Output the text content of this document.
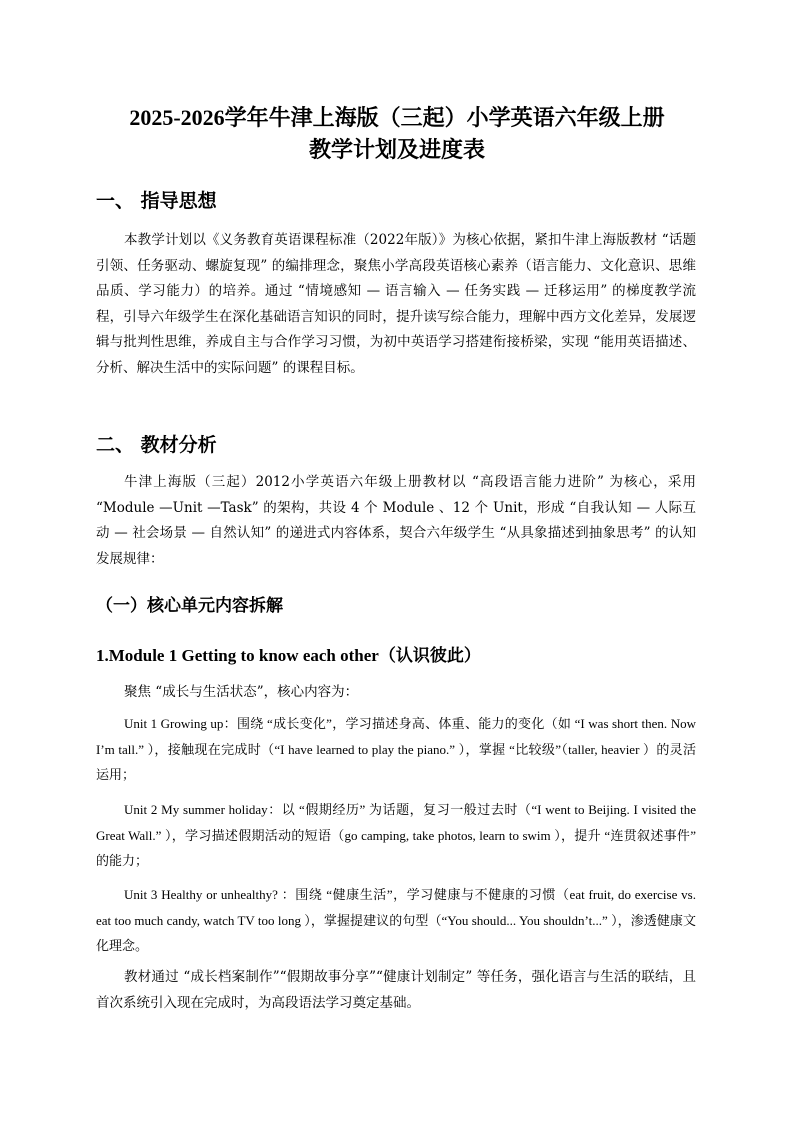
2025-2026学年牛津上海版（三起）小学英语六年级上册
教学计划及进度表
一、 指导思想
本教学计划以《义务教育英语课程标准（2022年版）》为核心依据，紧扣牛津上海版教材 “话题引领、任务驱动、螺旋复现” 的编排理念，聚焦小学高段英语核心素养（语言能力、文化意识、思维品质、学习能力）的培养。通过 “情境感知 — 语言输入 — 任务实践 — 迁移运用” 的梯度教学流程，引导六年级学生在深化基础语言知识的同时，提升读写综合能力，理解中西方文化差异，发展逻辑与批判性思维，养成自主与合作学习习惯，为初中英语学习搭建衔接桥梁，实现 “能用英语描述、分析、解决生活中的实际问题” 的课程目标。
二、 教材分析
牛津上海版（三起）2012小学英语六年级上册教材以 “高段语言能力进阶” 为核心，采用 “Module —Unit —Task” 的架构，共设 4 个 Module 、12 个 Unit，形成 “自我认知 — 人际互动 — 社会场景 — 自然认知” 的递进式内容体系，契合六年级学生 “从具象描述到抽象思考” 的认知发展规律：
（一）核心单元内容拆解
1.Module 1 Getting to know each other（认识彼此）
聚焦 “成长与生活状态”，核心内容为：
Unit 1 Growing up：围绕 “成长变化”，学习描述身高、体重、能力的变化（如 “I was short then. Now I’m tall.” ），接触现在完成时（“I have learned to play the piano.” ），掌握 “比较级”（taller, heavier ）的灵活运用；
Unit 2 My summer holiday：以 “假期经历” 为话题，复习一般过去时（“I went to Beijing. I visited the Great Wall.” ），学习描述假期活动的短语（go camping, take photos, learn to swim ），提升 “连贯叙述事件” 的能力；
Unit 3 Healthy or unhealthy? ：围绕 “健康生活”，学习健康与不健康的习惯（eat fruit, do exercise vs. eat too much candy, watch TV too long ），掌握提建议的句型（“You should... You shouldn’t...” ），渗透健康文化理念。
教材通过 “成长档案制作”“假期故事分享”“健康计划制定” 等任务，强化语言与生活的联结，且首次系统引入现在完成时，为高段语法学习奠定基础。
